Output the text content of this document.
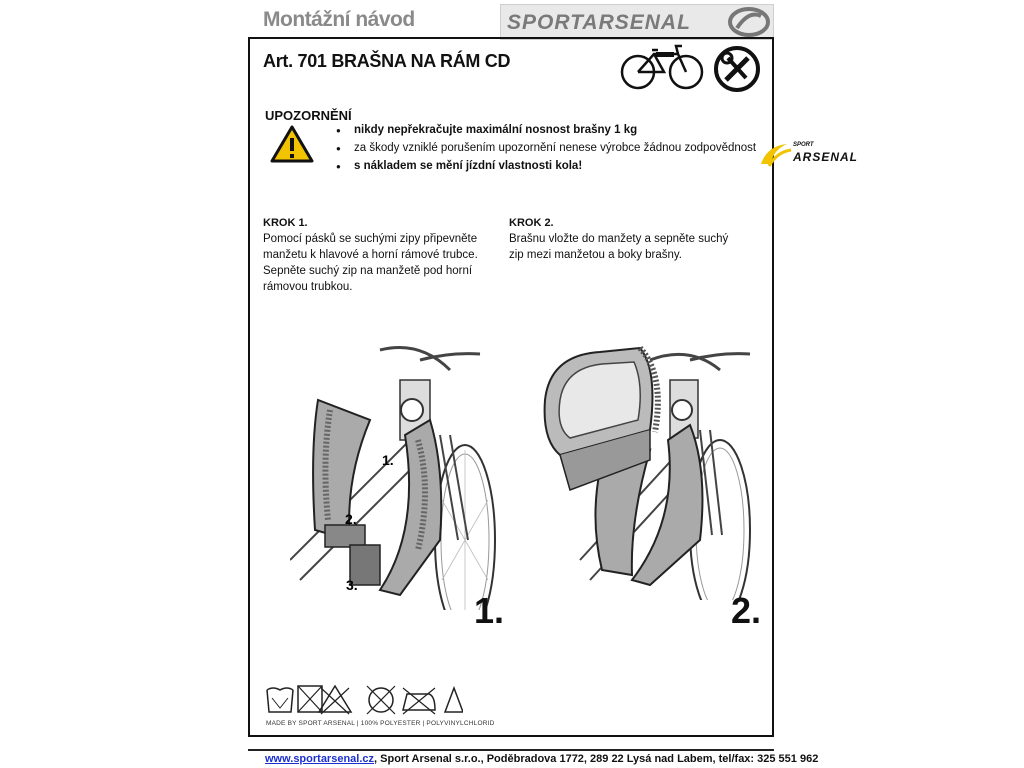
Montážní návod	SPORTARSENAL
Art. 701 BRAŠNA NA RÁM CD
UPOZORNĚNÍ
● nikdy nepřekračujte maximální nosnost brašny 1 kg
● za škody vzniklé porušením upozornění nenese výrobce žádnou zodpovědnost
● s nákladem se mění jízdní vlastnosti kola!
SPORT
ARSENAL
KROK 1.
Pomocí pásků se suchými zipy připevněte manžetu k hlavové a horní rámové trubce. Sepněte suchý zip na manžetě pod horní rámovou trubkou.
KROK 2.
Brašnu vložte do manžety a sepněte suchý zip mezi manžetou a boky brašny.
1.
2.
3.
1.	2.
MADE BY SPORT ARSENAL | 100% POLYESTER | POLYVINYLCHLORID
www.sportarsenal.cz, Sport Arsenal s.r.o., Poděbradova 1772, 289 22 Lysá nad Labem, tel/fax: 325 551 962
